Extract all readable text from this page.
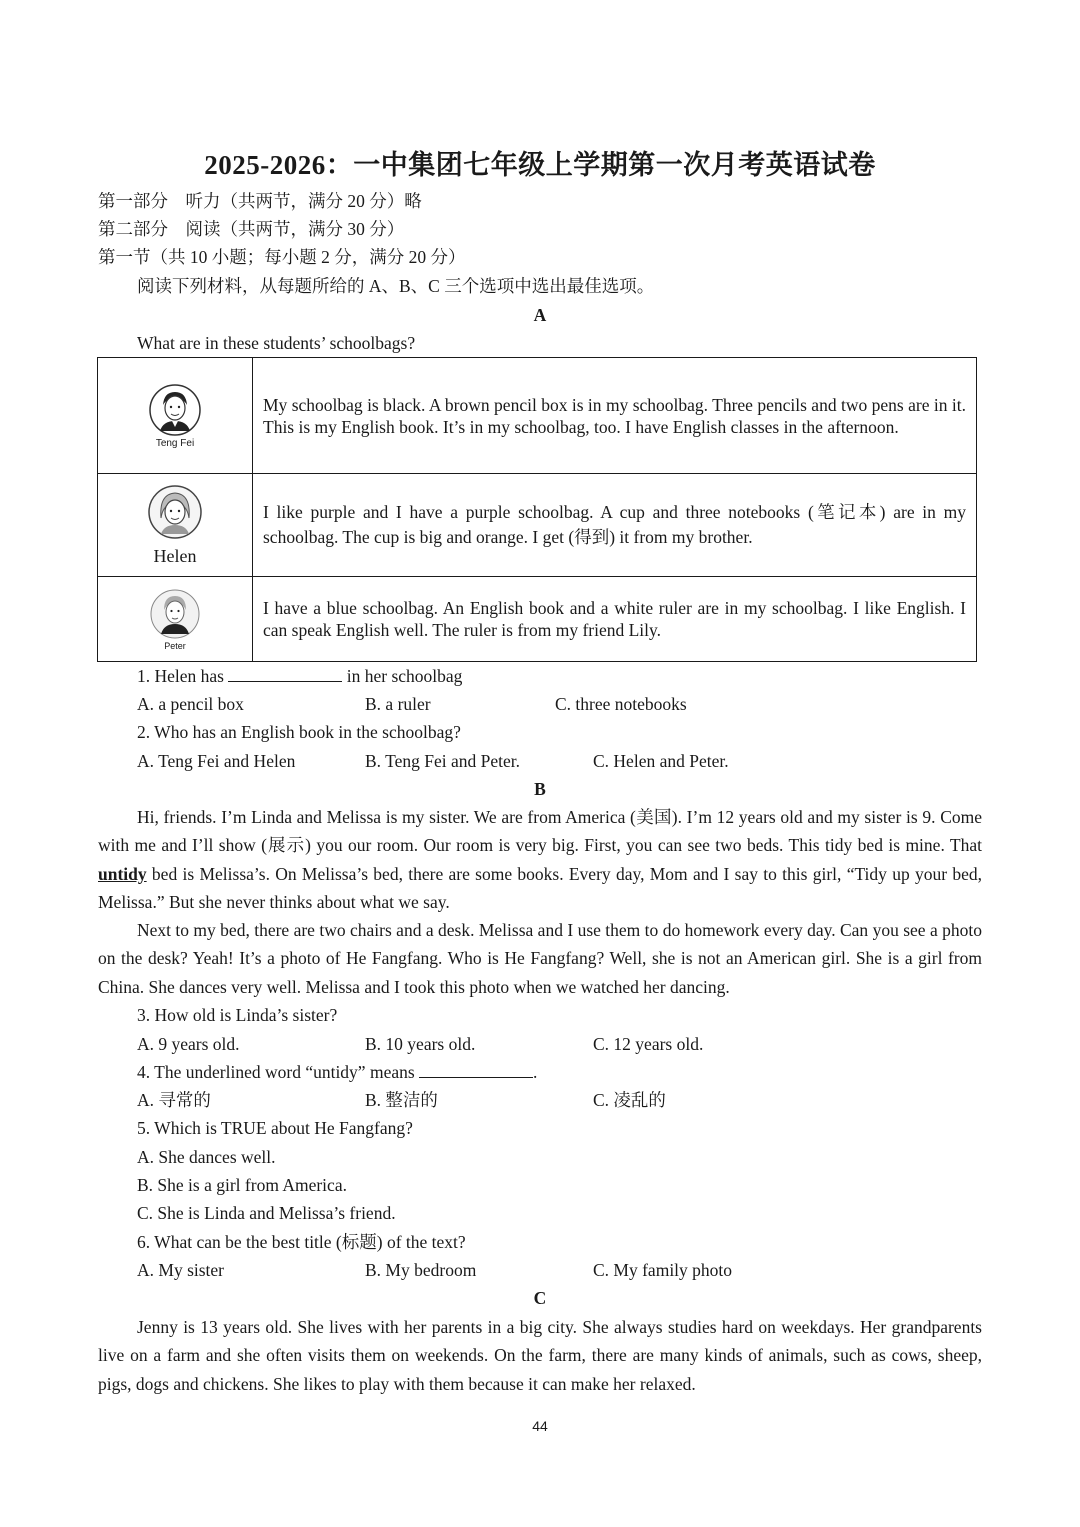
2025-2026：一中集团七年级上学期第一次月考英语试卷
第一部分　听力（共两节，满分 20 分）略
第二部分　阅读（共两节，满分 30 分）
第一节（共 10 小题；每小题 2 分，满分 20 分）
阅读下列材料，从每题所给的 A、B、C 三个选项中选出最佳选项。
A
What are in these students’ schoolbags?
Teng Fei	My schoolbag is black. A brown pencil box is in my schoolbag. Three pencils and two pens are in it. This is my English book. It’s in my schoolbag, too. I have English classes in the afternoon.

Helen	I like purple and I have a purple schoolbag. A cup and three notebooks (笔记本) are in my schoolbag. The cup is big and orange. I get (得到) it from my brother.

Peter	I have a blue schoolbag. An English book and a white ruler are in my schoolbag. I like English. I can speak English well. The ruler is from my friend Lily.
1. Helen has	in her schoolbag
A. a pencil box	B. a ruler	C. three notebooks
2. Who has an English book in the schoolbag?
A. Teng Fei and Helen	B. Teng Fei and Peter.	C. Helen and Peter.
B
Hi, friends. I’m Linda and Melissa is my sister. We are from America (美国). I’m 12 years old and my sister is 9. Come with me and I’ll show (展示) you our room. Our room is very big. First, you can see two beds. This tidy bed is mine. That untidy bed is Melissa’s. On Melissa’s bed, there are some books. Every day, Mom and I say to this girl, “Tidy up your bed, Melissa.” But she never thinks about what we say.
Next to my bed, there are two chairs and a desk. Melissa and I use them to do homework every day. Can you see a photo on the desk? Yeah! It’s a photo of He Fangfang. Who is He Fangfang? Well, she is not an American girl. She is a girl from China. She dances very well. Melissa and I took this photo when we watched her dancing.
3. How old is Linda’s sister?
A. 9 years old.	B. 10 years old.	C. 12 years old.
4. The underlined word “untidy” means	.
A. 寻常的	B. 整洁的	C. 凌乱的
5. Which is TRUE about He Fangfang?
A. She dances well.
B. She is a girl from America.
C. She is Linda and Melissa’s friend.
6. What can be the best title (标题) of the text?
A. My sister	B. My bedroom	C. My family photo
C
Jenny is 13 years old. She lives with her parents in a big city. She always studies hard on weekdays. Her grandparents live on a farm and she often visits them on weekends. On the farm, there are many kinds of animals, such as cows, sheep, pigs, dogs and chickens. She likes to play with them because it can make her relaxed.
44
